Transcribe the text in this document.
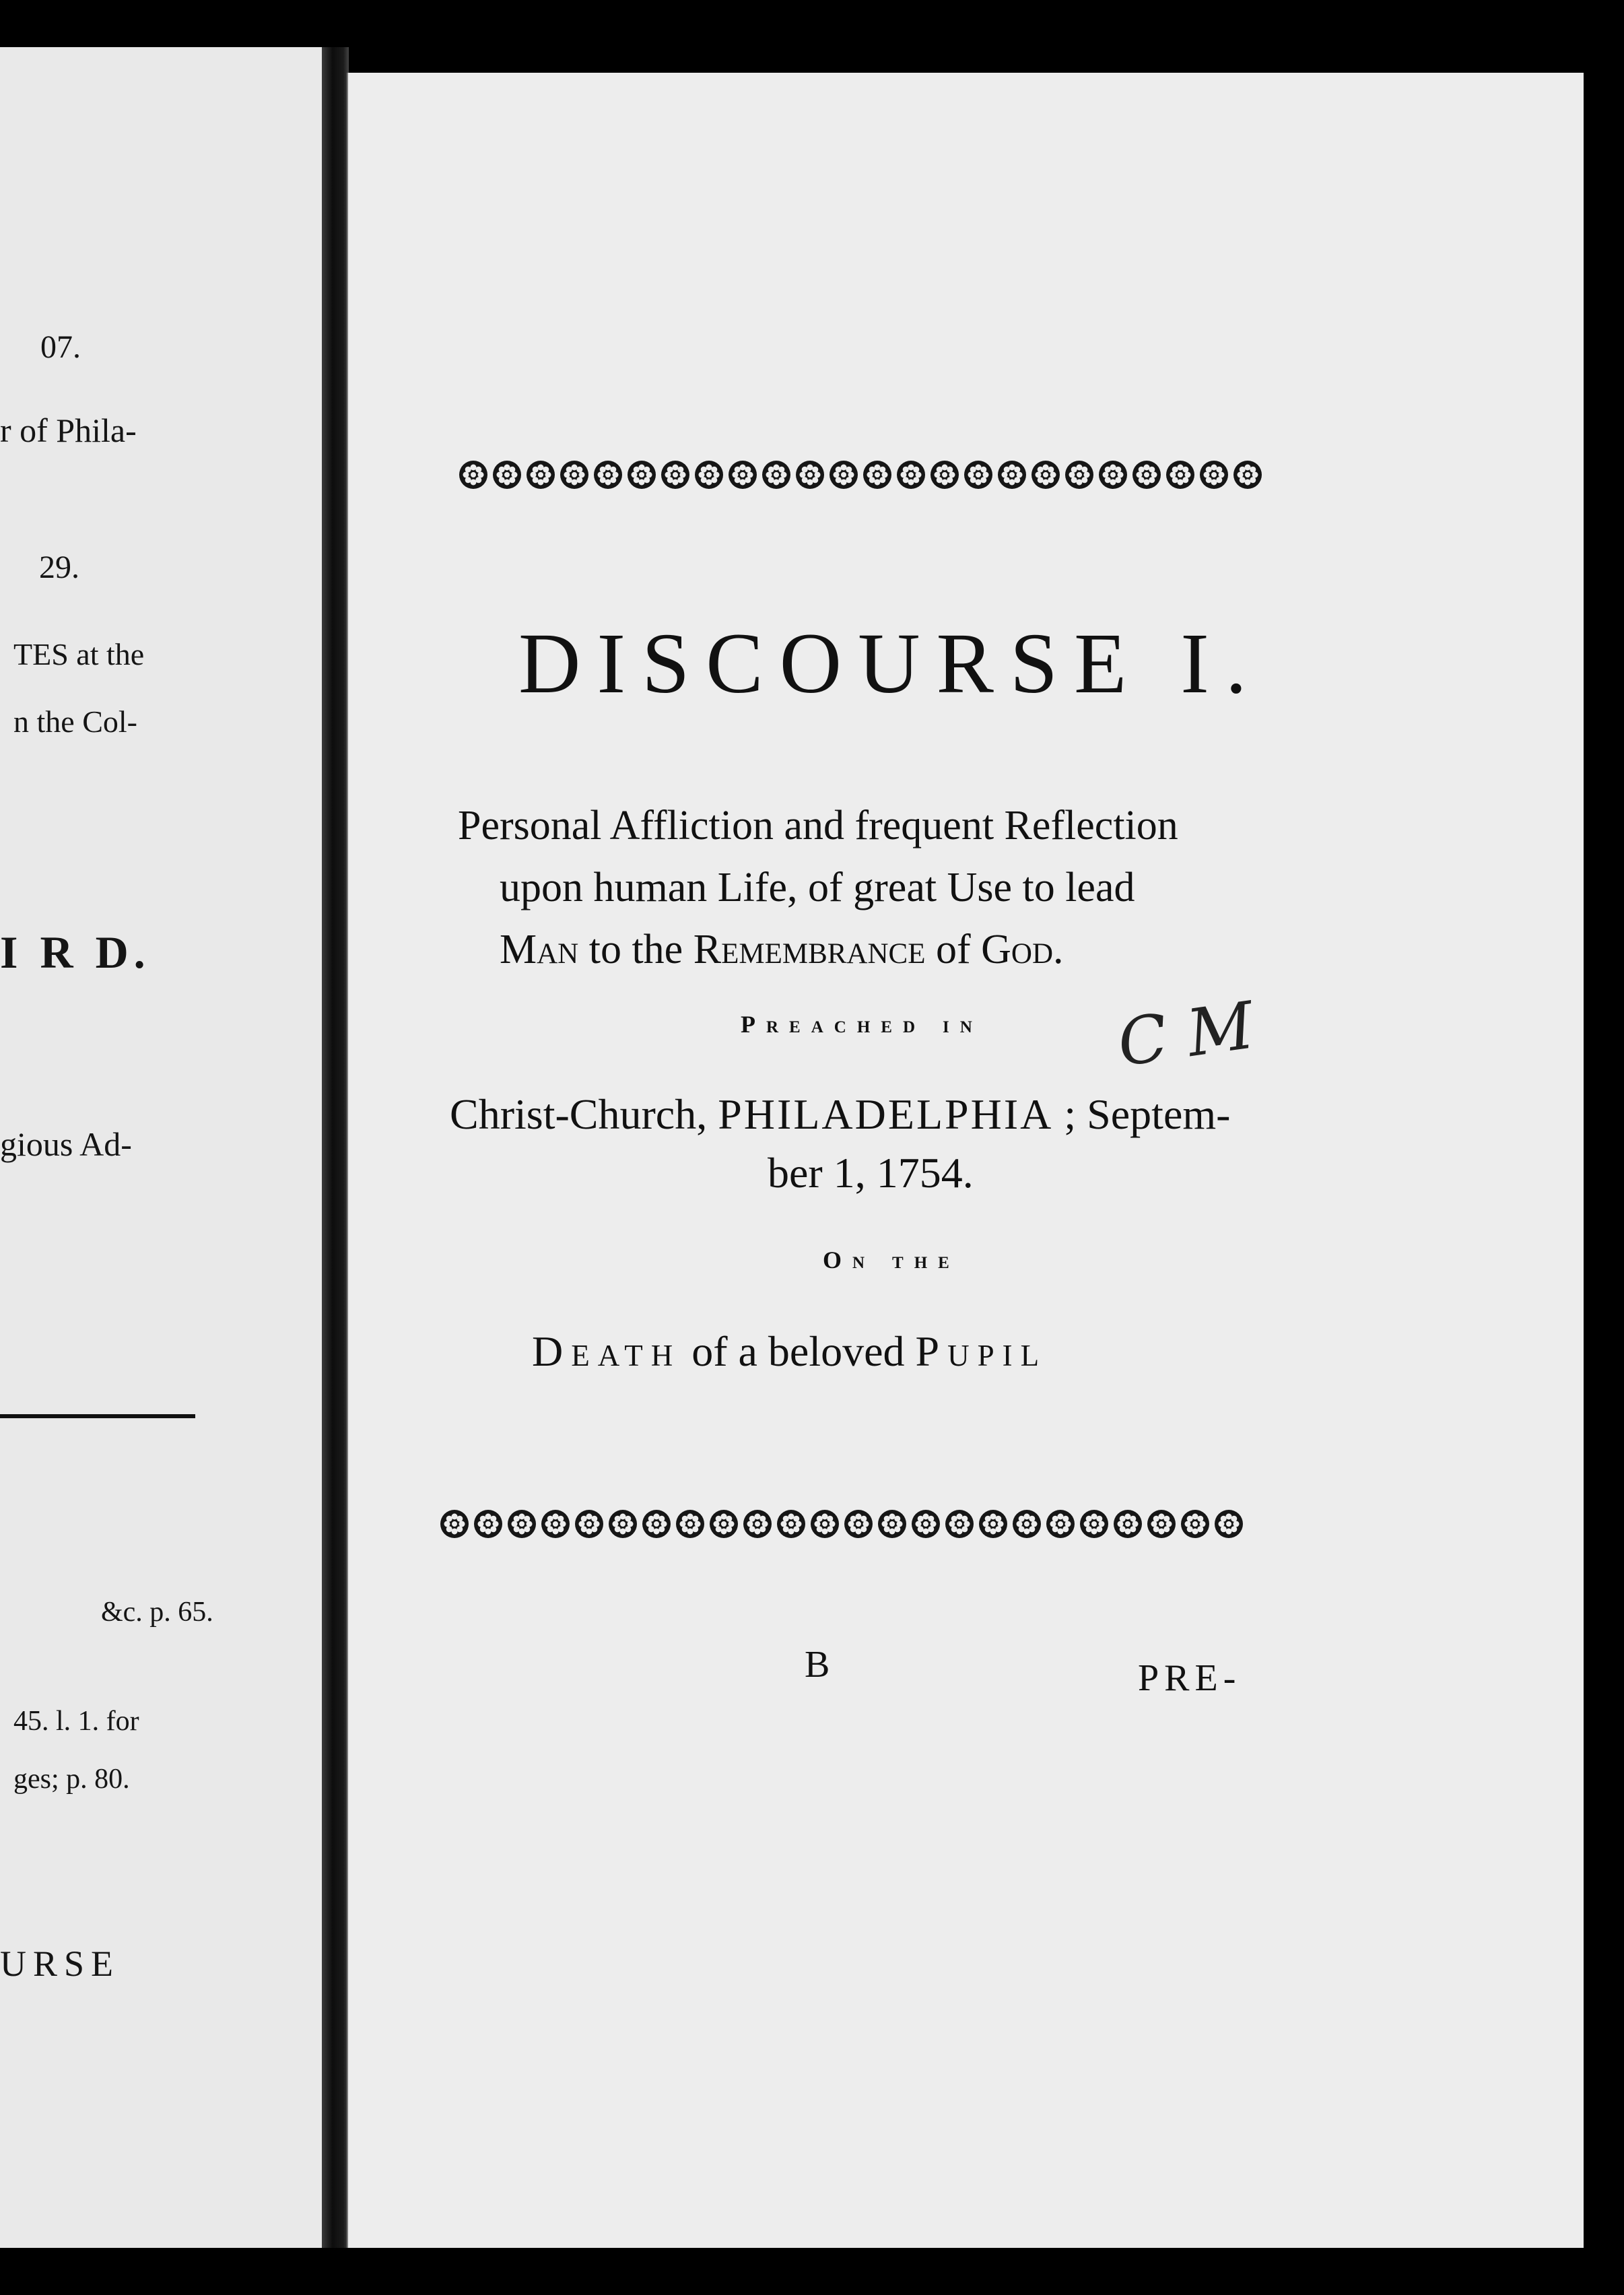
07.
r of Phila-
29.
TES at the
n the Col-
I R D.
gious Ad-
&c. p. 65.
45. l. 1. for
ges; p. 80.
URSE
DISCOURSE I.
Personal Affliction and frequent Reflection
upon human Life, of great Use to lead
Man to the Remembrance of God.
Preached in C M
Christ-Church, PHILADELPHIA ; Septem-
ber 1, 1754.
On the
Death of a beloved Pupil
B	PRE-
